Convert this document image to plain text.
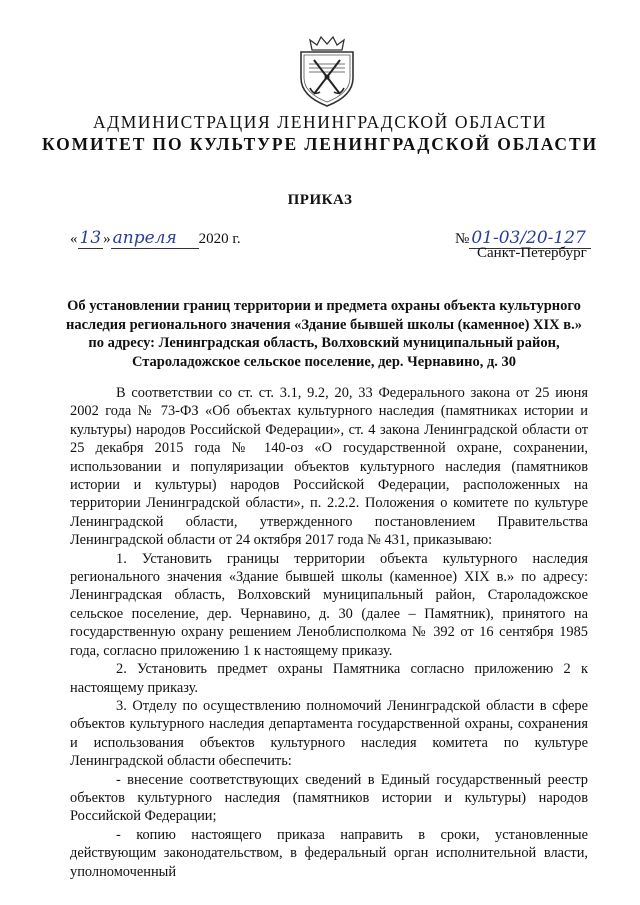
АДМИНИСТРАЦИЯ ЛЕНИНГРАДСКОЙ ОБЛАСТИ
КОМИТЕТ ПО КУЛЬТУРЕ ЛЕНИНГРАДСКОЙ ОБЛАСТИ
ПРИКАЗ
« 13 » апреля 2020 г.	№ 01-03/20-127
Санкт-Петербург
Об установлении границ территории и предмета охраны объекта культурного наследия регионального значения «Здание бывшей школы (каменное) XIX в.» по адресу: Ленинградская область, Волховский муниципальный район, Староладожское сельское поселение, дер. Чернавино, д. 30

В соответствии со ст. ст. 3.1, 9.2, 20, 33 Федерального закона от 25 июня 2002 года № 73-ФЗ «Об объектах культурного наследия (памятниках истории и культуры) народов Российской Федерации», ст. 4 закона Ленинградской области от 25 декабря 2015 года № 140-оз «О государственной охране, сохранении, использовании и популяризации объектов культурного наследия (памятников истории и культуры) народов Российской Федерации, расположенных на территории Ленинградской области», п. 2.2.2. Положения о комитете по культуре Ленинградской области, утвержденного постановлением Правительства Ленинградской области от 24 октября 2017 года № 431, приказываю:

1. Установить границы территории объекта культурного наследия регионального значения «Здание бывшей школы (каменное) XIX в.» по адресу: Ленинградская область, Волховский муниципальный район, Староладожское сельское поселение, дер. Чернавино, д. 30 (далее – Памятник), принятого на государственную охрану решением Леноблисполкома № 392 от 16 сентября 1985 года, согласно приложению 1 к настоящему приказу.

2. Установить предмет охраны Памятника согласно приложению 2 к настоящему приказу.

3. Отделу по осуществлению полномочий Ленинградской области в сфере объектов культурного наследия департамента государственной охраны, сохранения и использования объектов культурного наследия комитета по культуре Ленинградской области обеспечить:

- внесение соответствующих сведений в Единый государственный реестр объектов культурного наследия (памятников истории и культуры) народов Российской Федерации;

- копию настоящего приказа направить в сроки, установленные действующим законодательством, в федеральный орган исполнительной власти, уполномоченный
